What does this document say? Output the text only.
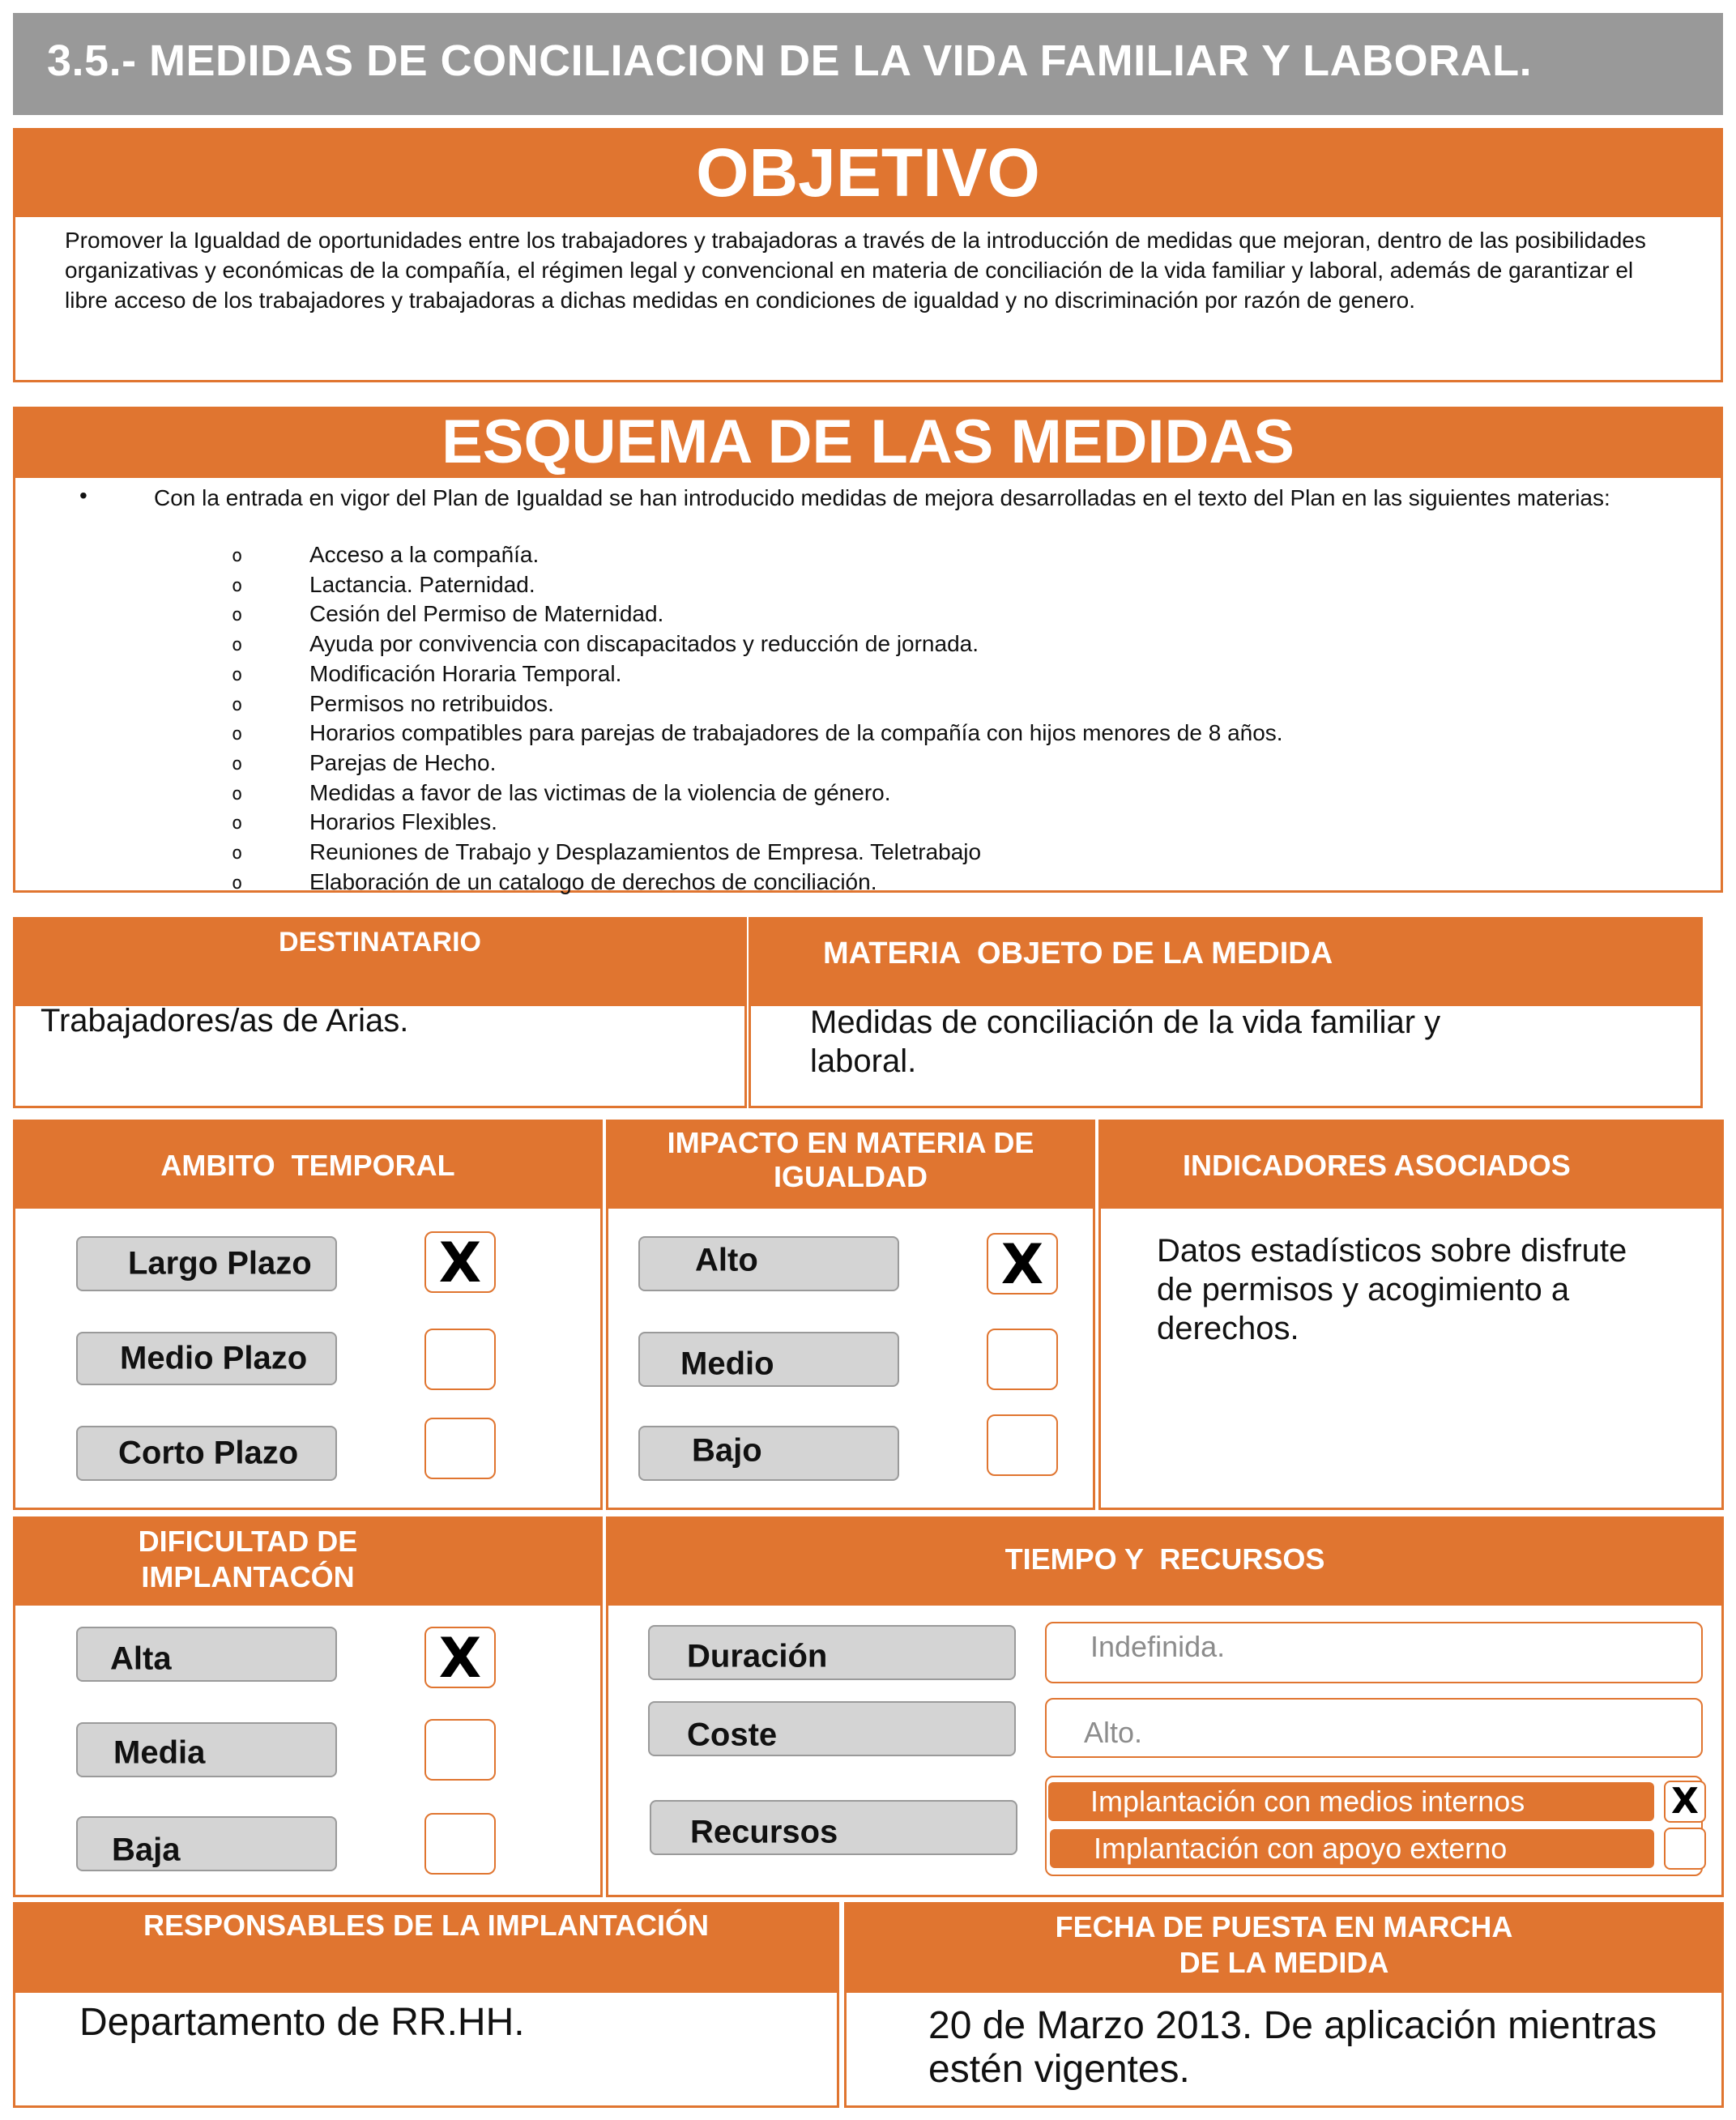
3.5.- MEDIDAS DE CONCILIACION DE LA VIDA FAMILIAR Y LABORAL.
OBJETIVO
Promover la Igualdad de oportunidades entre los trabajadores y trabajadoras a través de la introducción de medidas que mejoran, dentro de las posibilidades organizativas y económicas de la compañía, el régimen legal y convencional en materia de conciliación de la vida familiar y laboral, además de garantizar el libre acceso de los trabajadores y trabajadoras a dichas medidas en condiciones de igualdad y no discriminación por razón de genero.
ESQUEMA DE LAS MEDIDAS
•	Con la entrada en vigor del Plan de Igualdad se han introducido medidas de mejora desarrolladas en el texto del Plan en las siguientes materias:
o	Acceso a la compañía.
o	Lactancia. Paternidad.
o	Cesión del Permiso de Maternidad.
o	Ayuda por convivencia con discapacitados y reducción de jornada.
o	Modificación Horaria Temporal.
o	Permisos no retribuidos.
o	Horarios compatibles para parejas de trabajadores de la compañía con hijos menores de 8 años.
o	Parejas de Hecho.
o	Medidas a favor de las victimas de la violencia de género.
o	Horarios Flexibles.
o	Reuniones de Trabajo y Desplazamientos de Empresa. Teletrabajo
o	Elaboración de un catalogo de derechos de conciliación.
DESTINATARIO
Trabajadores/as de Arias.
MATERIA  OBJETO DE LA MEDIDA
Medidas de conciliación de la vida familiar y
laboral.
AMBITO  TEMPORAL
Largo Plazo X
Medio Plazo
Corto Plazo
IMPACTO EN MATERIA DE
IGUALDAD
Alto	X
Medio
Bajo
INDICADORES ASOCIADOS
Datos estadísticos sobre disfrute
de permisos y acogimiento a
derechos.
DIFICULTAD DE
IMPLANTACÓN
Alta	X
Media
Baja
TIEMPO Y  RECURSOS
Duración	Indefinida.
Coste	Alto.
Recursos
Implantación con medios internos	X
Implantación con apoyo externo
RESPONSABLES DE LA IMPLANTACIÓN
Departamento de RR.HH.
FECHA DE PUESTA EN MARCHA
DE LA MEDIDA
20 de Marzo 2013. De aplicación mientras
estén vigentes.
